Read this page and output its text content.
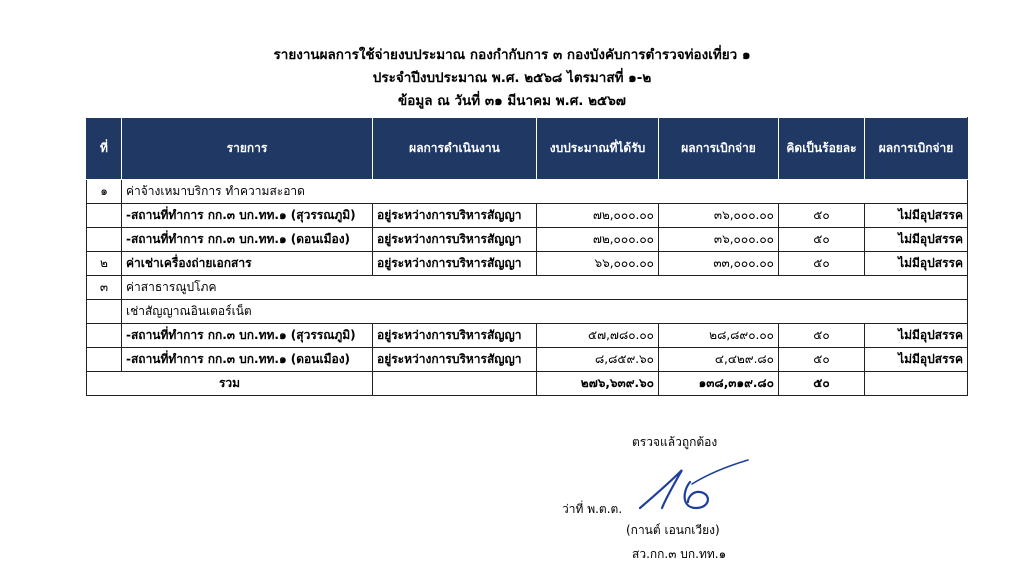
รายงานผลการใช้จ่ายงบประมาณ กองกำกับการ ๓ กองบังคับการตำรวจท่องเที่ยว ๑
ประจำปีงบประมาณ พ.ศ. ๒๕๖๘ ไตรมาสที่ ๑-๒
ข้อมูล ณ วันที่ ๓๑ มีนาคม พ.ศ. ๒๕๖๗
ที่	รายการ	ผลการดำเนินงาน	งบประมาณที่ได้รับ	ผลการเบิกจ่าย	คิดเป็นร้อยละ	ผลการเบิกจ่าย
๑	ค่าจ้างเหมาบริการ ทำความสะอาด					
	-สถานที่ทำการ กก.๓ บก.ทท.๑ (สุวรรณภูมิ)	อยู่ระหว่างการบริหารสัญญา	๗๒,๐๐๐.๐๐	๓๖,๐๐๐.๐๐	๕๐	ไม่มีอุปสรรค
	-สถานที่ทำการ กก.๓ บก.ทท.๑ (ดอนเมือง)	อยู่ระหว่างการบริหารสัญญา	๗๒,๐๐๐.๐๐	๓๖,๐๐๐.๐๐	๕๐	ไม่มีอุปสรรค
๒	ค่าเช่าเครื่องถ่ายเอกสาร	อยู่ระหว่างการบริหารสัญญา	๖๖,๐๐๐.๐๐	๓๓,๐๐๐.๐๐	๕๐	ไม่มีอุปสรรค
๓	ค่าสาธารณูปโภค					
	เช่าสัญญาณอินเตอร์เน็ต					
	-สถานที่ทำการ กก.๓ บก.ทท.๑ (สุวรรณภูมิ)	อยู่ระหว่างการบริหารสัญญา	๕๗,๗๘๐.๐๐	๒๘,๘๙๐.๐๐	๕๐	ไม่มีอุปสรรค
	-สถานที่ทำการ กก.๓ บก.ทท.๑ (ดอนเมือง)	อยู่ระหว่างการบริหารสัญญา	๘,๘๕๙.๖๐	๔,๔๒๙.๘๐	๕๐	ไม่มีอุปสรรค
รวม			๒๗๖,๖๓๙.๖๐	๑๓๘,๓๑๙.๘๐	๕๐	
ตรวจแล้วถูกต้อง
ว่าที่ พ.ต.ต.
(กานต์ เอนกเวียง)
สว.กก.๓ บก.ทท.๑
